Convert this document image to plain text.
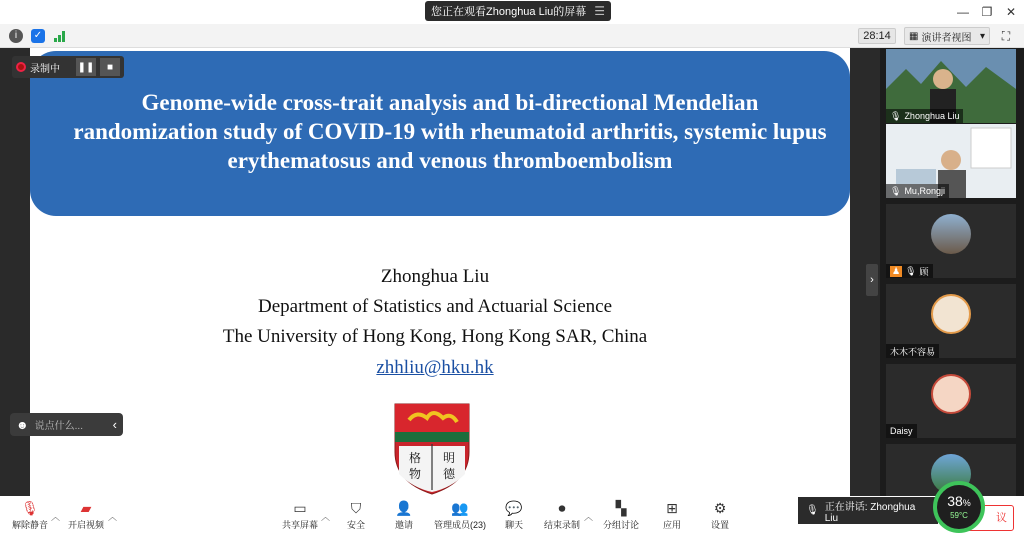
您正在观看Zhonghua Liu的屏幕 ☰	—	❐	✕
i	✓	28:14	▦ 演讲者视图 ▾	⛶
Genome-wide cross-trait analysis and bi-directional Mendelian randomization study of COVID-19 with rheumatoid arthritis, systemic lupus erythematosus and venous thromboembolism
Zhonghua Liu
Department of Statistics and Actuarial Science
The University of Hong Kong, Hong Kong SAR, China
zhhliu@hku.hk
格 明
物 德
录制中 ❚❚	■
☻ 说点什么... ‹
›
🎙 Zhonghua Liu
🎙 Mu,Rongji
♟ 🎙 顾
木木不容易
Daisy
🎙
解除静音
︿
▰
开启视频
︿
▭
共享屏幕
︿
⛉
安全
👤
邀请
👥
管理成员(23)
💬
聊天
⏺
结束录制
︿
▚
分组讨论
⊞
应用
⚙
设置
🎙 正在讲话: Zhonghua Liu	议
38%
59°C
